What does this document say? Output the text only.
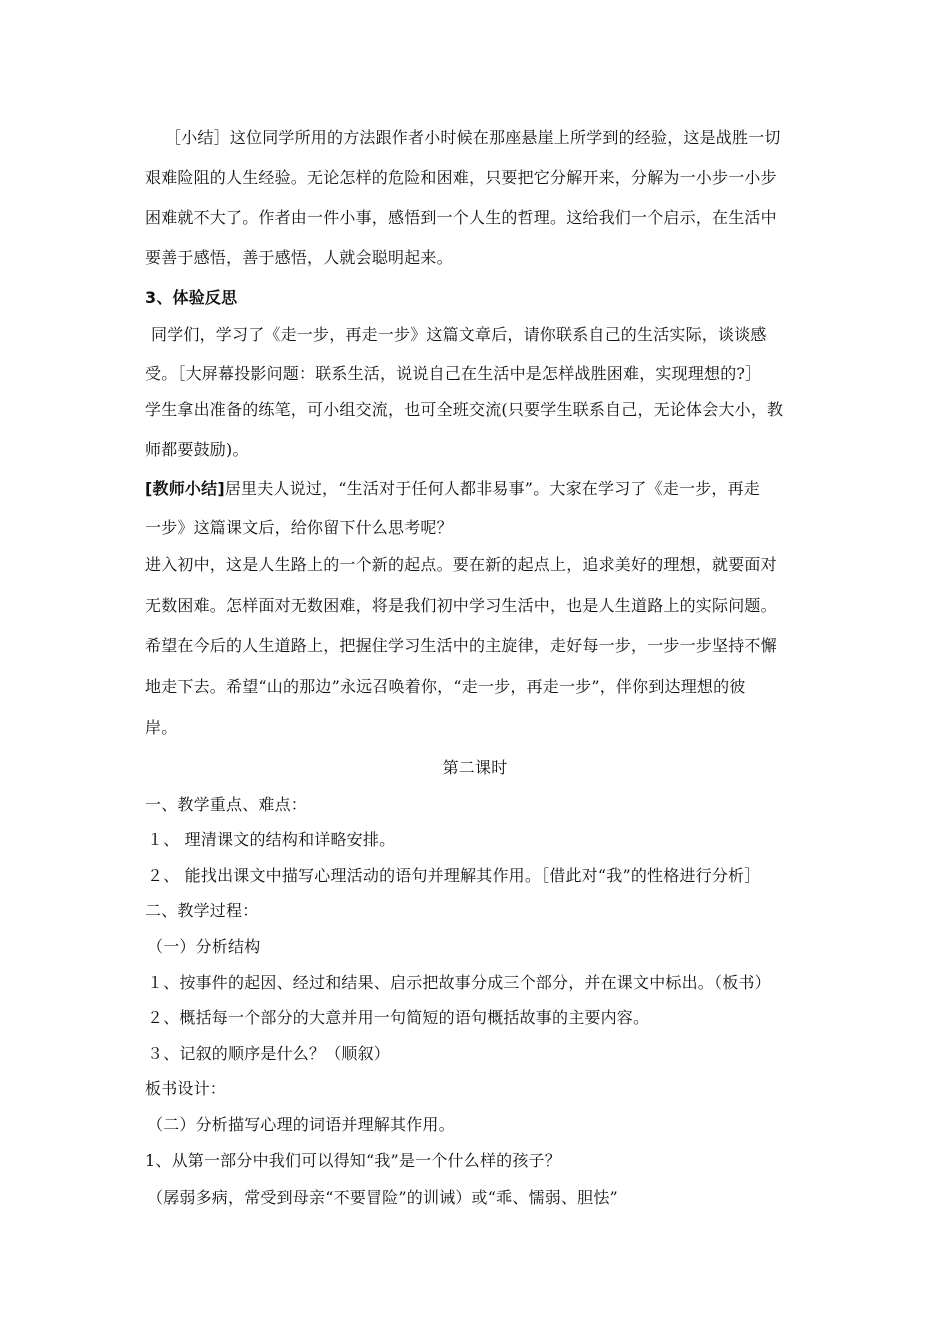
［小结］这位同学所用的方法跟作者小时候在那座悬崖上所学到的经验，这是战胜一切
艰难险阻的人生经验。无论怎样的危险和困难，只要把它分解开来，分解为一小步一小步
困难就不大了。作者由一件小事，感悟到一个人生的哲理。这给我们一个启示，在生活中
要善于感悟，善于感悟，人就会聪明起来。
3、体验反思
同学们，学习了《走一步，再走一步》这篇文章后，请你联系自己的生活实际，谈谈感
受。［大屏幕投影问题：联系生活，说说自己在生活中是怎样战胜困难，实现理想的?］
学生拿出准备的练笔，可小组交流，也可全班交流(只要学生联系自己，无论体会大小，教
师都要鼓励)。
[教师小结]居里夫人说过，“生活对于任何人都非易事”。大家在学习了《走一步，再走
一步》这篇课文后，给你留下什么思考呢？
进入初中，这是人生路上的一个新的起点。要在新的起点上，追求美好的理想，就要面对
无数困难。怎样面对无数困难，将是我们初中学习生活中，也是人生道路上的实际问题。
希望在今后的人生道路上，把握住学习生活中的主旋律，走好每一步，一步一步坚持不懈
地走下去。希望“山的那边”永远召唤着你，“走一步，再走一步”，伴你到达理想的彼
岸。
第二课时
一、教学重点、难点：
１、 理清课文的结构和详略安排。
２、 能找出课文中描写心理活动的语句并理解其作用。［借此对“我”的性格进行分析］
二、教学过程：
（一）分析结构
１、按事件的起因、经过和结果、启示把故事分成三个部分，并在课文中标出。（板书）
２、概括每一个部分的大意并用一句简短的语句概括故事的主要内容。
３、记叙的顺序是什么？（顺叙）
板书设计：
（二）分析描写心理的词语并理解其作用。
1、从第一部分中我们可以得知“我”是一个什么样的孩子？
（孱弱多病，常受到母亲“不要冒险”的训诫）或“乖、懦弱、胆怯”
